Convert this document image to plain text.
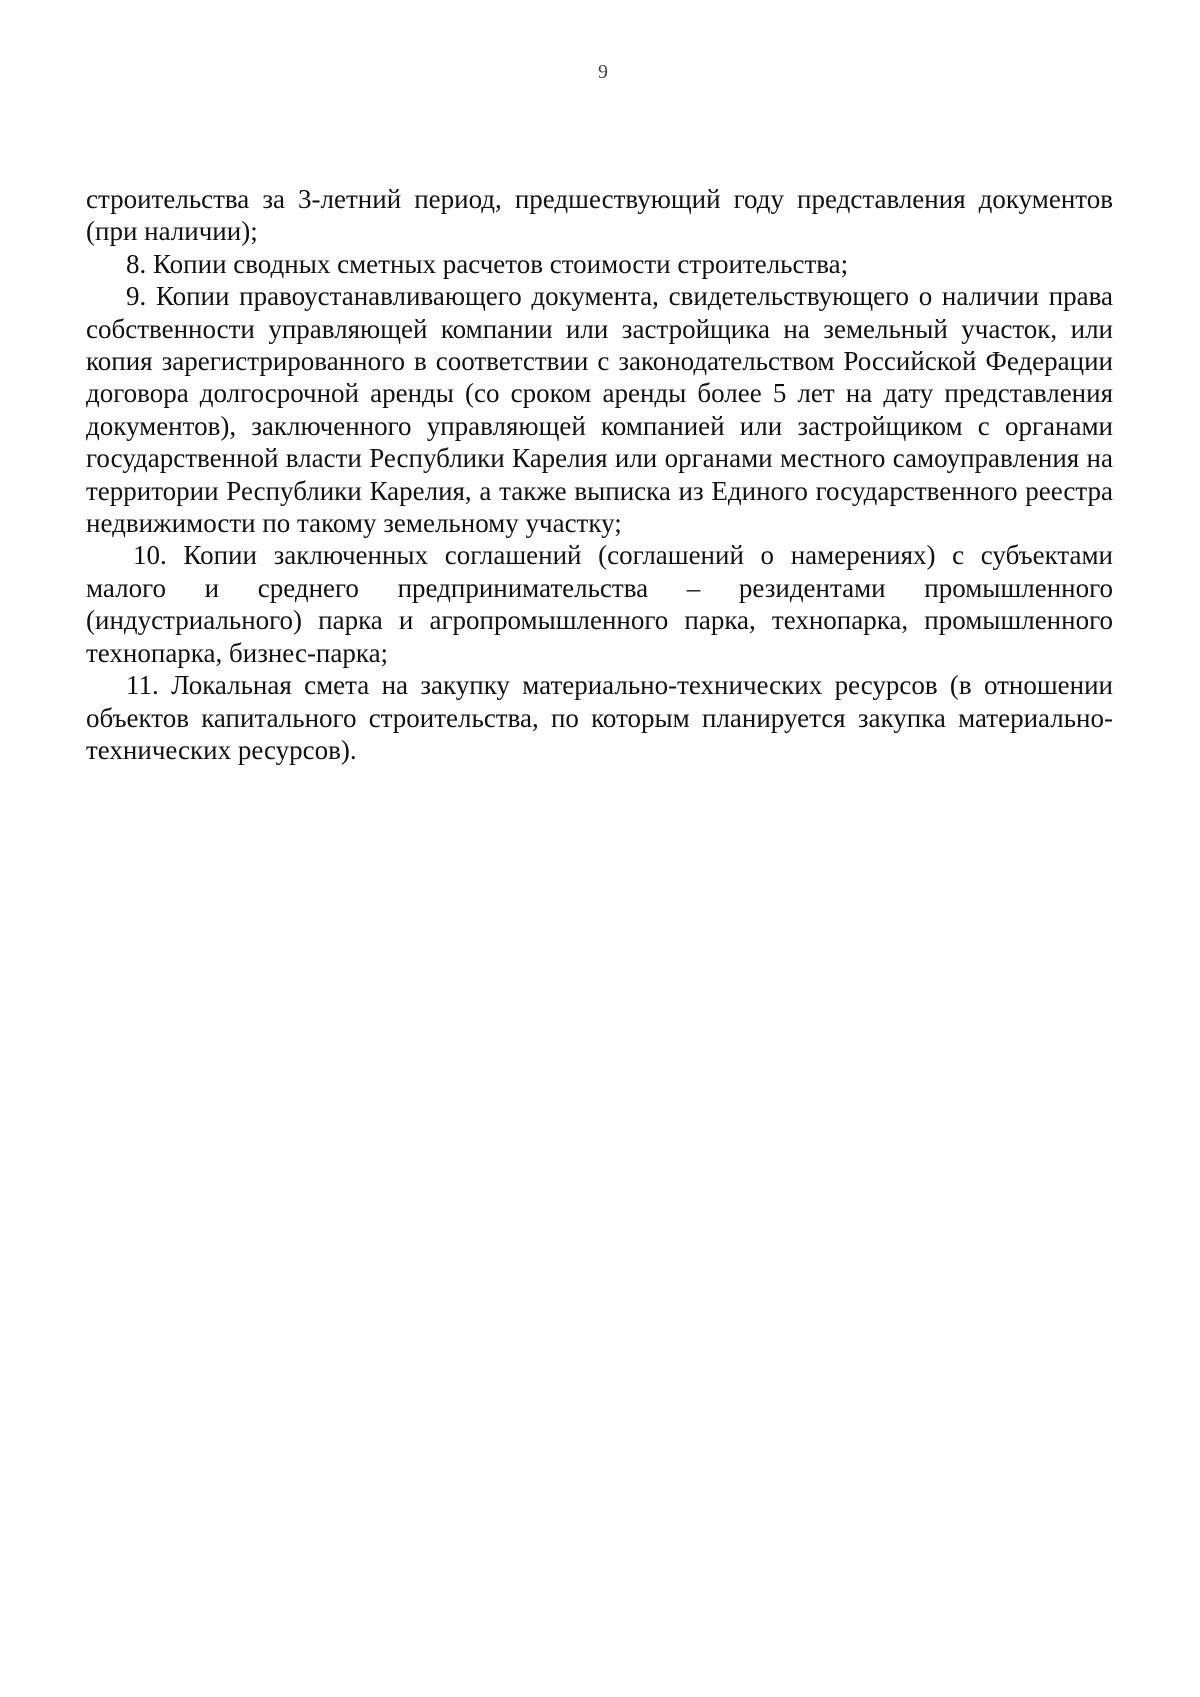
9

строительства за 3-летний период, предшествующий году представления документов (при наличии);

8. Копии сводных сметных расчетов стоимости строительства;

9. Копии правоустанавливающего документа, свидетельствующего о наличии права собственности управляющей компании или застройщика на земельный участок, или копия зарегистрированного в соответствии с законодательством Российской Федерации договора долгосрочной аренды (со сроком аренды более 5 лет на дату представления документов), заключенного управляющей компанией или застройщиком с органами государственной власти Республики Карелия или органами местного самоуправления на территории Республики Карелия, а также выписка из Единого государственного реестра недвижимости по такому земельному участку;

10. Копии заключенных соглашений (соглашений о намерениях) с субъектами малого и среднего предпринимательства – резидентами промышленного (индустриального) парка и агропромышленного парка, технопарка, промышленного технопарка, бизнес-парка;

11. Локальная смета на закупку материально-технических ресурсов (в отношении объектов капитального строительства, по которым планируется закупка материально-технических ресурсов).
